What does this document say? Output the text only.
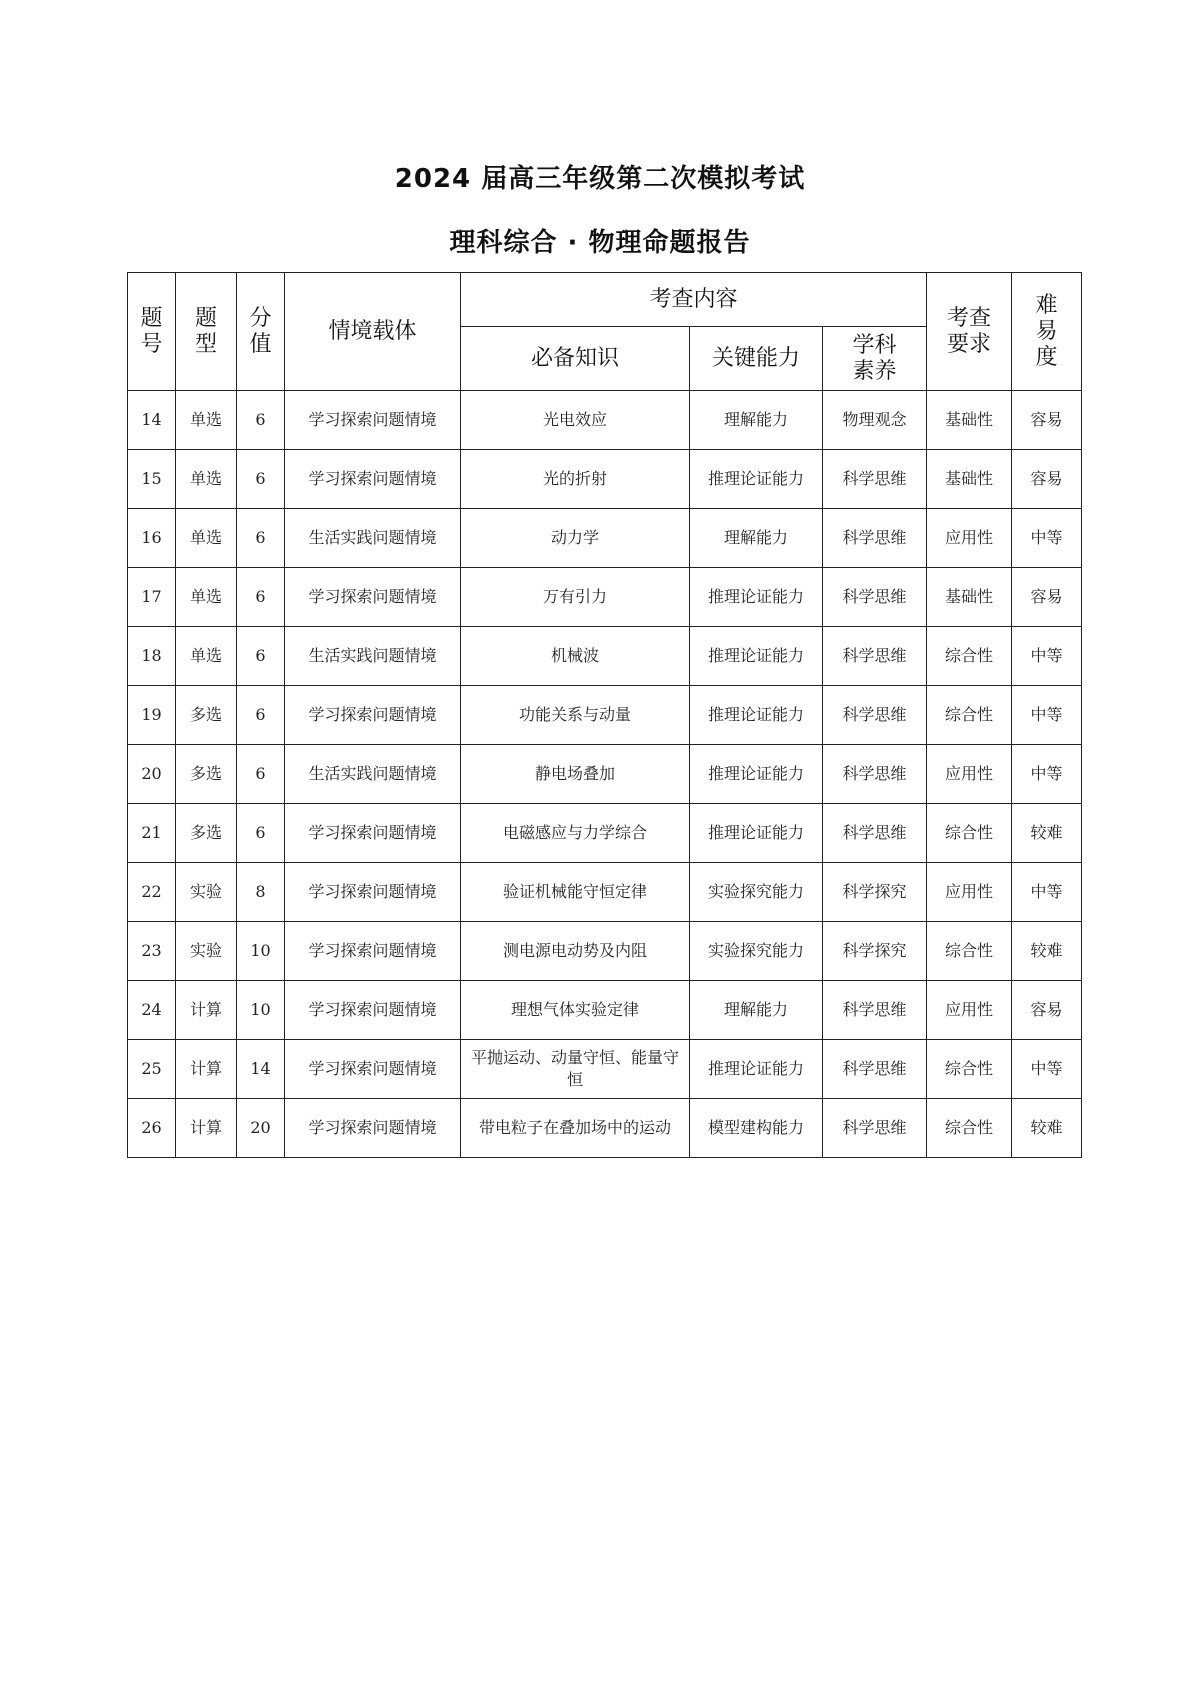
2024 届高三年级第二次模拟考试
理科综合 · 物理命题报告
题号	题型	分值	情境载体	考查内容			考查要求	难易度
				必备知识	关键能力	学科素养		
14	单选	6	学习探索问题情境	光电效应	理解能力	物理观念	基础性	容易
15	单选	6	学习探索问题情境	光的折射	推理论证能力	科学思维	基础性	容易
16	单选	6	生活实践问题情境	动力学	理解能力	科学思维	应用性	中等
17	单选	6	学习探索问题情境	万有引力	推理论证能力	科学思维	基础性	容易
18	单选	6	生活实践问题情境	机械波	推理论证能力	科学思维	综合性	中等
19	多选	6	学习探索问题情境	功能关系与动量	推理论证能力	科学思维	综合性	中等
20	多选	6	生活实践问题情境	静电场叠加	推理论证能力	科学思维	应用性	中等
21	多选	6	学习探索问题情境	电磁感应与力学综合	推理论证能力	科学思维	综合性	较难
22	实验	8	学习探索问题情境	验证机械能守恒定律	实验探究能力	科学探究	应用性	中等
23	实验	10	学习探索问题情境	测电源电动势及内阻	实验探究能力	科学探究	综合性	较难
24	计算	10	学习探索问题情境	理想气体实验定律	理解能力	科学思维	应用性	容易
25	计算	14	学习探索问题情境	平抛运动、动量守恒、能量守恒	推理论证能力	科学思维	综合性	中等
26	计算	20	学习探索问题情境	带电粒子在叠加场中的运动	模型建构能力	科学思维	综合性	较难
